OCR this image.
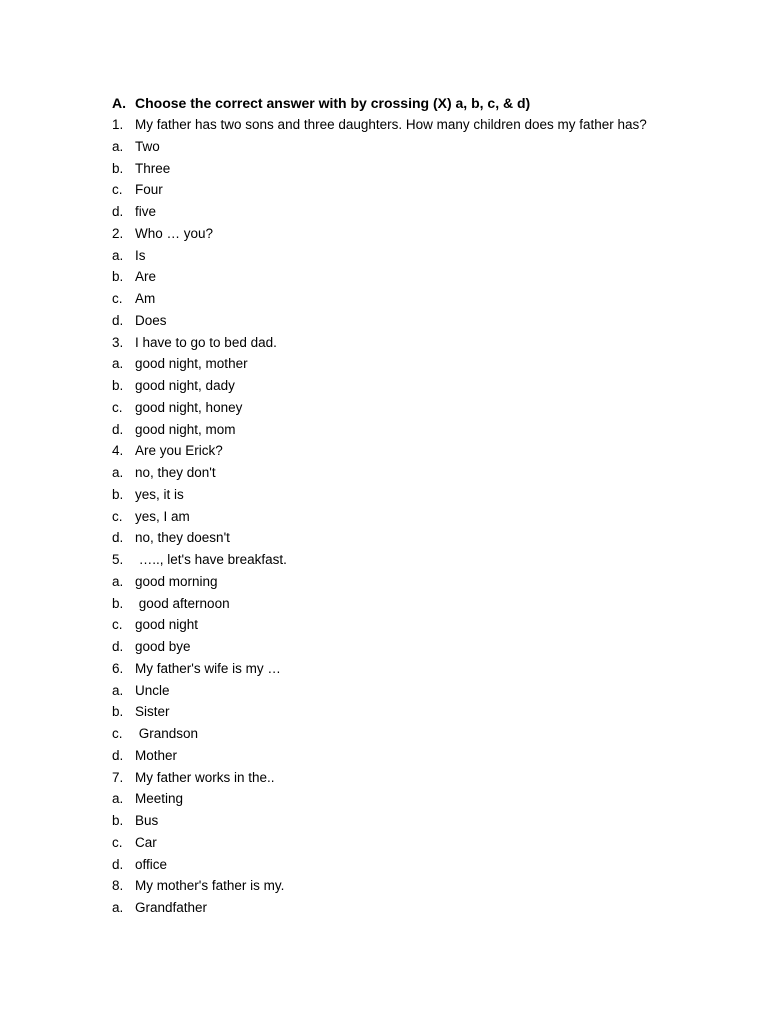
A. Choose the correct answer with by crossing (X) a, b, c, & d)
1. My father has two sons and three daughters. How many children does my father has?
a. Two
b. Three
c. Four
d. five
2. Who … you?
a. Is
b. Are
c. Am
d. Does
3. I have to go to bed dad.
a. good night, mother
b. good night, dady
c. good night, honey
d. good night, mom
4. Are you Erick?
a. no, they don't
b. yes, it is
c. yes, I am
d. no, they doesn't
5. ….., let's have breakfast.
a. good morning
b. good afternoon
c. good night
d. good bye
6. My father's wife is my …
a. Uncle
b. Sister
c. Grandson
d. Mother
7. My father works in the..
a. Meeting
b. Bus
c. Car
d. office
8. My mother's father is my.
a. Grandfather
